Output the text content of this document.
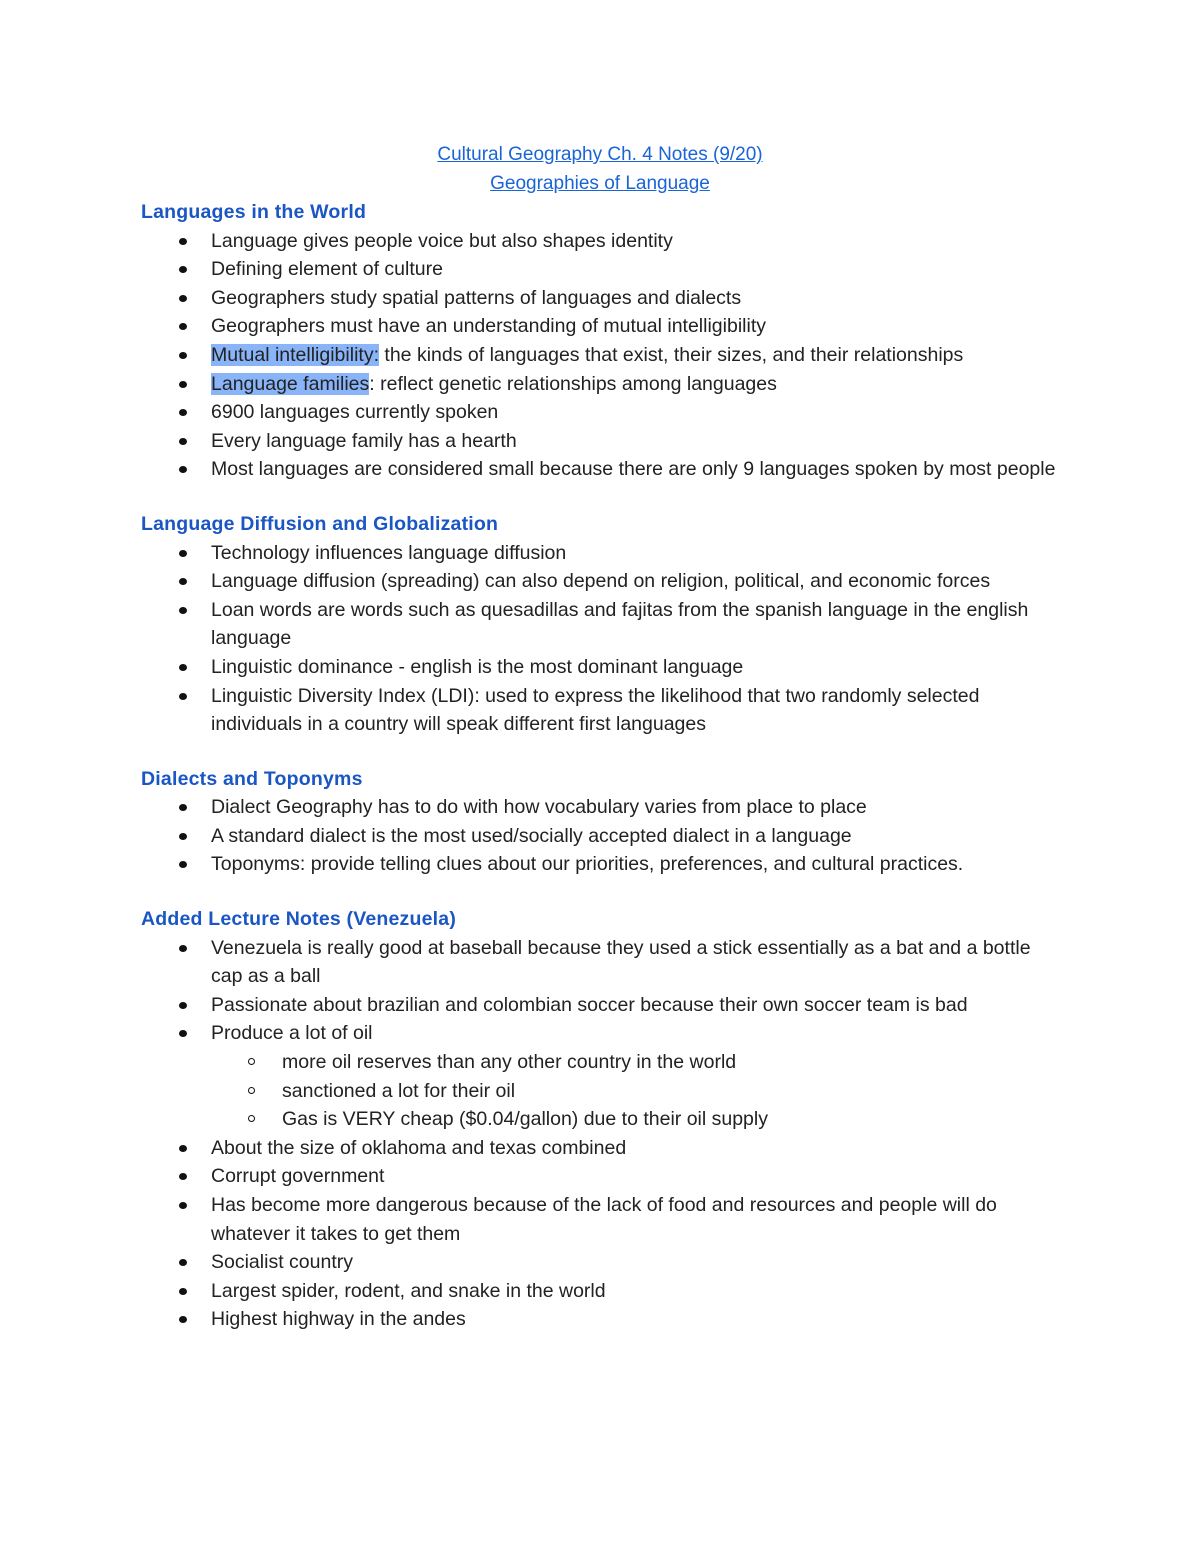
Cultural Geography Ch. 4 Notes (9/20)
Geographies of Language
Languages in the World
Language gives people voice but also shapes identity
Defining element of culture
Geographers study spatial patterns of languages and dialects
Geographers must have an understanding of mutual intelligibility
Mutual intelligibility: the kinds of languages that exist, their sizes, and their relationships
Language families: reflect genetic relationships among languages
6900 languages currently spoken
Every language family has a hearth
Most languages are considered small because there are only 9 languages spoken by most people
Language Diffusion and Globalization
Technology influences language diffusion
Language diffusion (spreading) can also depend on religion, political, and economic forces
Loan words are words such as quesadillas and fajitas from the spanish language in the english language
Linguistic dominance - english is the most dominant language
Linguistic Diversity Index (LDI): used to express the likelihood that two randomly selected individuals in a country will speak different first languages
Dialects and Toponyms
Dialect Geography has to do with how vocabulary varies from place to place
A standard dialect is the most used/socially accepted dialect in a language
Toponyms: provide telling clues about our priorities, preferences, and cultural practices.
Added Lecture Notes (Venezuela)
Venezuela is really good at baseball because they used a stick essentially as a bat and a bottle cap as a ball
Passionate about brazilian and colombian soccer because their own soccer team is bad
Produce a lot of oil
more oil reserves than any other country in the world
sanctioned a lot for their oil
Gas is VERY cheap ($0.04/gallon) due to their oil supply
About the size of oklahoma and texas combined
Corrupt government
Has become more dangerous because of the lack of food and resources and people will do whatever it takes to get them
Socialist country
Largest spider, rodent, and snake in the world
Highest highway in the andes
